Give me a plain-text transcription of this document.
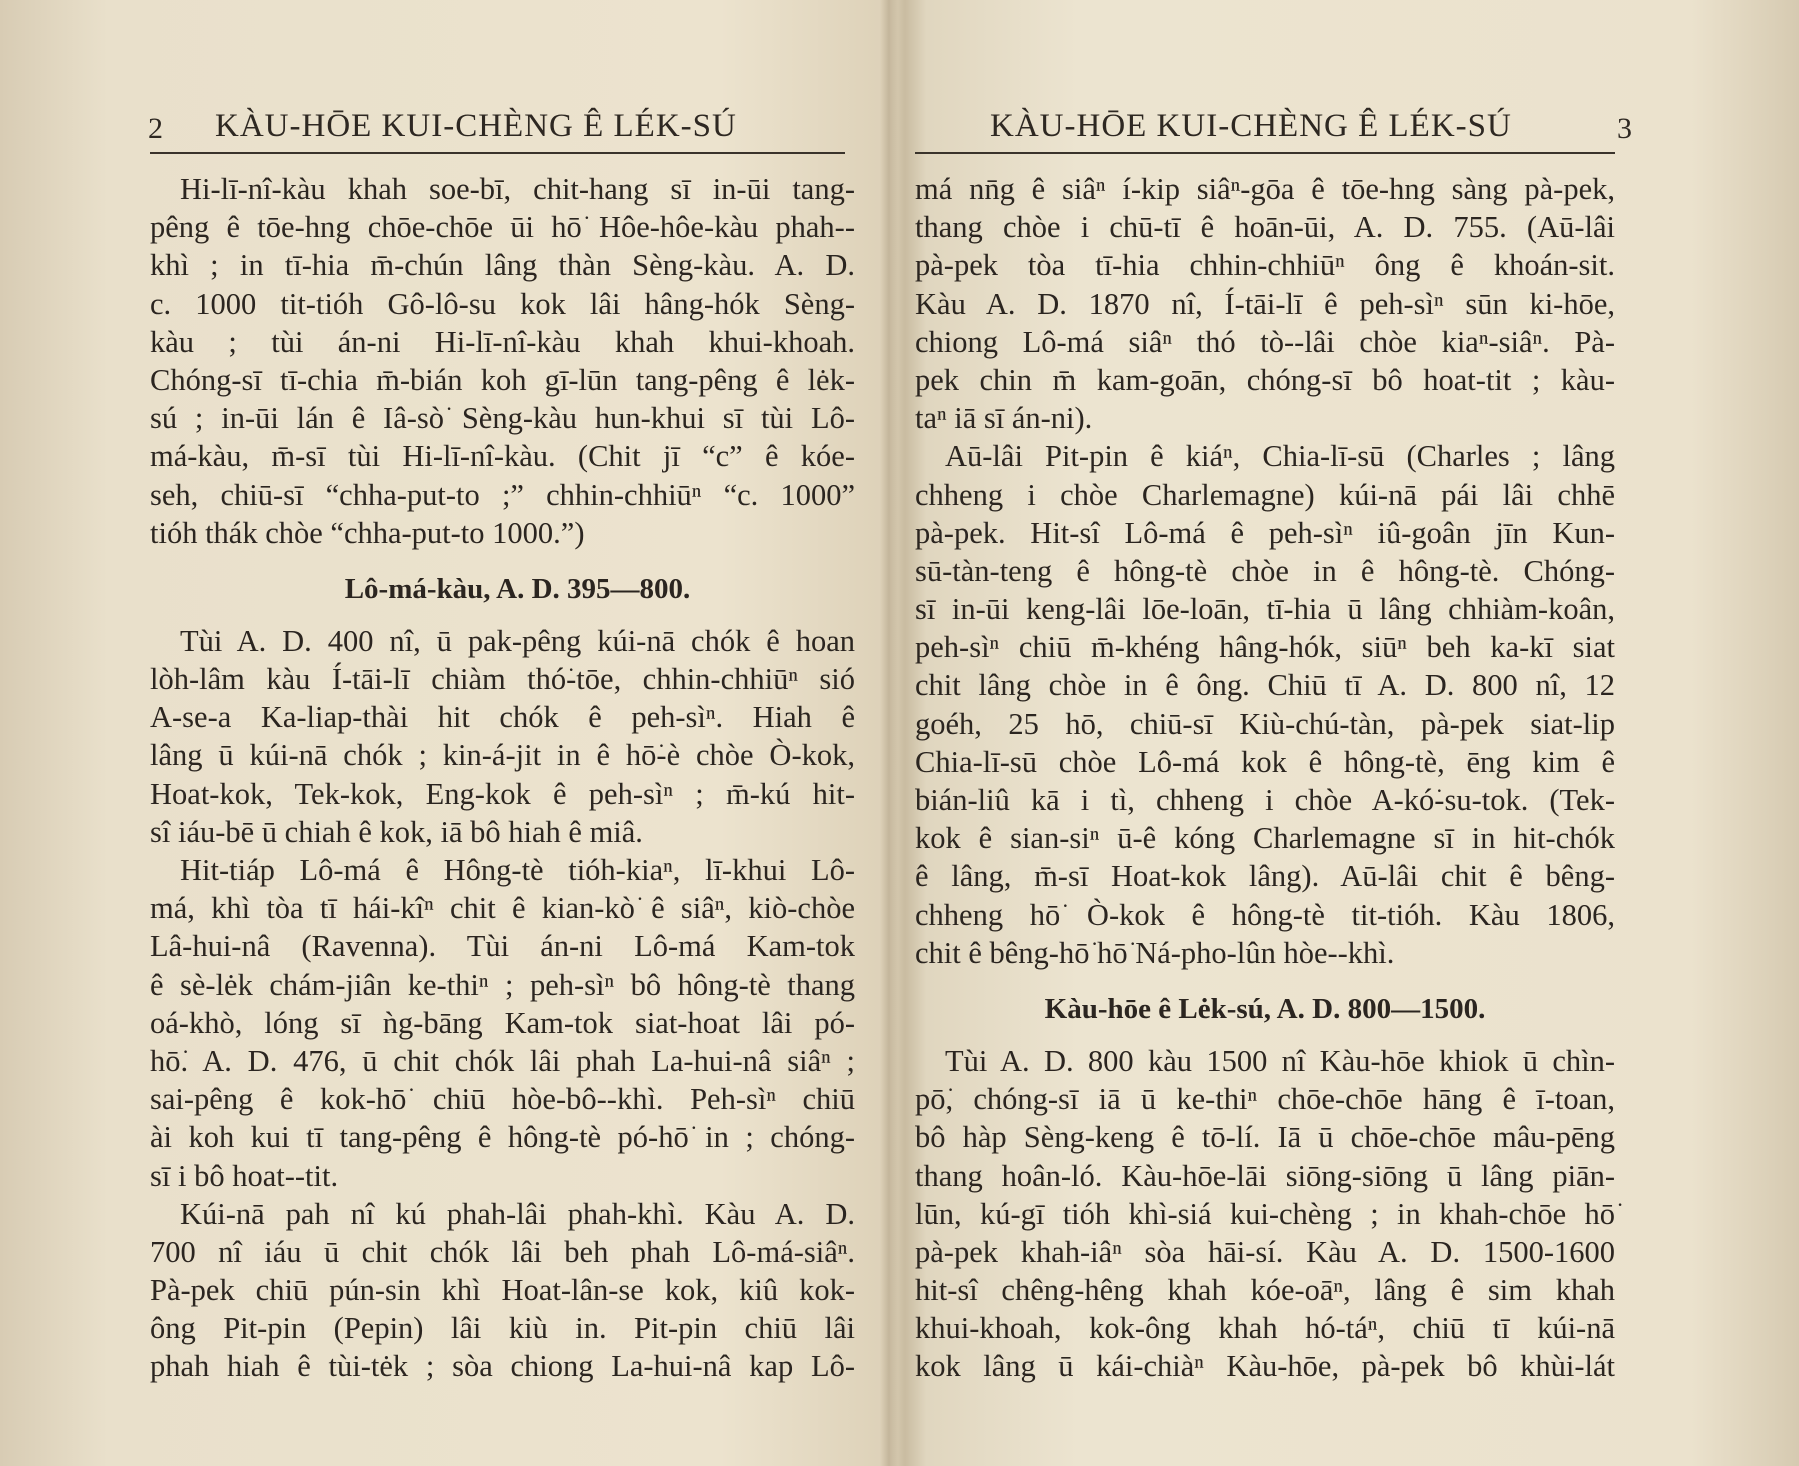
2 KÀU-HŌE KUI-CHÈNG Ê LÉK-SÚ
Hi-lī-nî-kàu khah soe-bī, chit-hang sī in-ūi tang-
pêng ê tōe-hng chōe-chōe ūi hō͘ Hôe-hôe-kàu phah--
khì ; in tī-hia m̄-chún lâng thàn Sèng-kàu. A. D.
c. 1000 tit-tióh Gô-lô-su kok lâi hâng-hók Sèng-
kàu ; tùi án-ni Hi-lī-nî-kàu khah khui-khoah.
Chóng-sī tī-chia m̄-bián koh gī-lūn tang-pêng ê lėk-
sú ; in-ūi lán ê Iâ-sò͘ Sèng-kàu hun-khui sī tùi Lô-
má-kàu, m̄-sī tùi Hi-lī-nî-kàu. (Chit jī “c” ê kóe-
seh, chiū-sī “chha-put-to ;” chhin-chhiūⁿ “c. 1000”
tióh thák chòe “chha-put-to 1000.”)
Lô-má-kàu, A. D. 395—800.
Tùi A. D. 400 nî, ū pak-pêng kúi-nā chók ê hoan
lòh-lâm kàu Í-tāi-lī chiàm thó͘-tōe, chhin-chhiūⁿ sió
A-se-a Ka-liap-thài hit chók ê peh-sìⁿ. Hiah ê
lâng ū kúi-nā chók ; kin-á-jit in ê hō͘-è chòe Ò-kok,
Hoat-kok, Tek-kok, Eng-kok ê peh-sìⁿ ; m̄-kú hit-
sî iáu-bē ū chiah ê kok, iā bô hiah ê miâ.
Hit-tiáp Lô-má ê Hông-tè tióh-kiaⁿ, lī-khui Lô-
má, khì tòa tī hái-kîⁿ chit ê kian-kò͘ ê siâⁿ, kiò-chòe
Lâ-hui-nâ (Ravenna). Tùi án-ni Lô-má Kam-tok
ê sè-lėk chám-jiân ke-thiⁿ ; peh-sìⁿ bô hông-tè thang
oá-khò, lóng sī ǹg-bāng Kam-tok siat-hoat lâi pó-
hō͘. A. D. 476, ū chit chók lâi phah La-hui-nâ siâⁿ ;
sai-pêng ê kok-hō͘ chiū hòe-bô--khì. Peh-sìⁿ chiū
ài koh kui tī tang-pêng ê hông-tè pó-hō͘ in ; chóng-
sī i bô hoat--tit.
Kúi-nā pah nî kú phah-lâi phah-khì. Kàu A. D.
700 nî iáu ū chit chók lâi beh phah Lô-má-siâⁿ.
Pà-pek chiū pún-sin khì Hoat-lân-se kok, kiû kok-
ông Pit-pin (Pepin) lâi kiù in. Pit-pin chiū lâi
phah hiah ê tùi-tėk ; sòa chiong La-hui-nâ kap Lô-
KÀU-HŌE KUI-CHÈNG Ê LÉK-SÚ	3
má nn̄g ê siâⁿ í-kip siâⁿ-gōa ê tōe-hng sàng pà-pek,
thang chòe i chū-tī ê hoān-ūi, A. D. 755. (Aū-lâi
pà-pek tòa tī-hia chhin-chhiūⁿ ông ê khoán-sit.
Kàu A. D. 1870 nî, Í-tāi-lī ê peh-sìⁿ sūn ki-hōe,
chiong Lô-má siâⁿ thó tò--lâi chòe kiaⁿ-siâⁿ. Pà-
pek chin m̄ kam-goān, chóng-sī bô hoat-tit ; kàu-
taⁿ iā sī án-ni).
Aū-lâi Pit-pin ê kiáⁿ, Chia-lī-sū (Charles ; lâng
chheng i chòe Charlemagne) kúi-nā pái lâi chhē
pà-pek. Hit-sî Lô-má ê peh-sìⁿ iû-goân jīn Kun-
sū-tàn-teng ê hông-tè chòe in ê hông-tè. Chóng-
sī in-ūi keng-lâi lōe-loān, tī-hia ū lâng chhiàm-koân,
peh-sìⁿ chiū m̄-khéng hâng-hók, siūⁿ beh ka-kī siat
chit lâng chòe in ê ông. Chiū tī A. D. 800 nî, 12
goéh, 25 hō, chiū-sī Kiù-chú-tàn, pà-pek siat-lip
Chia-lī-sū chòe Lô-má kok ê hông-tè, ēng kim ê
bián-liû kā i tì, chheng i chòe A-kó͘-su-tok. (Tek-
kok ê sian-siⁿ ū-ê kóng Charlemagne sī in hit-chók
ê lâng, m̄-sī Hoat-kok lâng). Aū-lâi chit ê bêng-
chheng hō͘ Ò-kok ê hông-tè tit-tióh. Kàu 1806,
chit ê bêng-hō͘ hō͘ Ná-pho-lûn hòe--khì.
Kàu-hōe ê Lėk-sú, A. D. 800—1500.
Tùi A. D. 800 kàu 1500 nî Kàu-hōe khiok ū chìn-
pō͘, chóng-sī iā ū ke-thiⁿ chōe-chōe hāng ê ī-toan,
bô hàp Sèng-keng ê tō-lí. Iā ū chōe-chōe mâu-pēng
thang hoân-ló. Kàu-hōe-lāi siōng-siōng ū lâng piān-
lūn, kú-gī tióh khì-siá kui-chèng ; in khah-chōe hō͘
pà-pek khah-iâⁿ sòa hāi-sí. Kàu A. D. 1500-1600
hit-sî chêng-hêng khah kóe-oāⁿ, lâng ê sim khah
khui-khoah, kok-ông khah hó-táⁿ, chiū tī kúi-nā
kok lâng ū kái-chiàⁿ Kàu-hōe, pà-pek bô khùi-lát
